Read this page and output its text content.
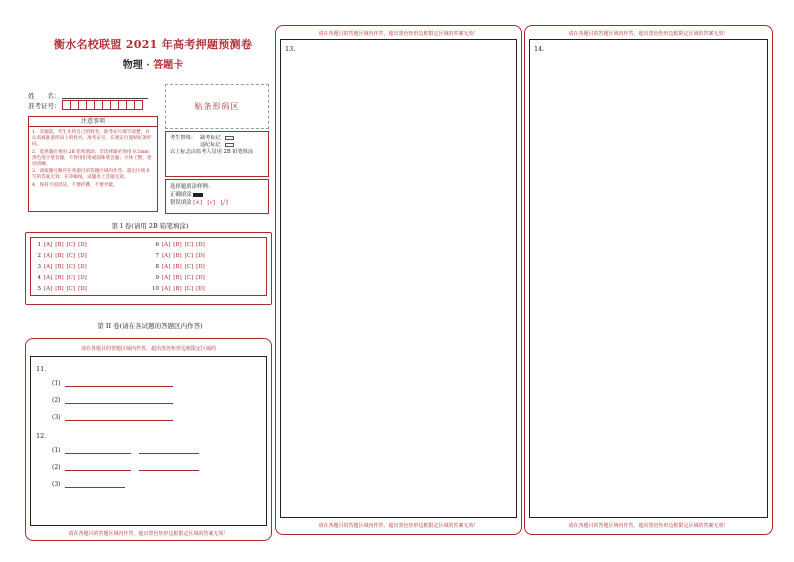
衡水名校联盟 2021 年高考押题预测卷
物理 · 答题卡
姓　　名：
准考证号：	贴条形码区
注意事项

1．答题前，考生先将自己的姓名、准考证号填写清楚，并认真核准条形码上的姓名、准考证号，在规定位置贴好条形码。

2．选择题必须用 2B 铅笔填涂；非选择题必须用 0.5mm 黑色签字笔答题，不得用铅笔或圆珠笔答题；字体工整、笔迹清晰。

3．请按题号顺序在各题目的答题区域内作答，超出区域书写的答案无效；在草稿纸、试题卷上答题无效。

4．保持卡面清洁，不要折叠、不要弄破。

考生禁填： 缺考标记
违纪标记
以上标志由监考人员用 2B 铅笔填涂
选择题填涂样例：
正确填涂
错误填涂 [×]　[√]　[╱]
第 I 卷(请用 2B 铅笔填涂)
1 [A] [B] [C] [D]
2 [A] [B] [C] [D]
3 [A] [B] [C] [D]
4 [A] [B] [C] [D]
5 [A] [B] [C] [D]
6 [A] [B] [C] [D]
7 [A] [B] [C] [D]
8 [A] [B] [C] [D]
9 [A] [B] [C] [D]
10 [A] [B] [C] [D]
第 II 卷(请在各试题的答题区内作答)
请在各题目的答题区域内作答，超出黑色矩形边框限定区域的
11．
(1)
(2)
(3)
12．
(1)
(2)
(3)
请在各题目的答题区域内作答，超出黑色矩形边框限定区域的答案无效！
请在各题目的答题区域内作答，超出黑色矩形边框限定区域的答案无效！
13.
请在各题目的答题区域内作答，超出黑色矩形边框限定区域的答案无效！
请在各题目的答题区域内作答，超出黑色矩形边框限定区域的答案无效！
14.
请在各题目的答题区域内作答，超出黑色矩形边框限定区域的答案无效！
